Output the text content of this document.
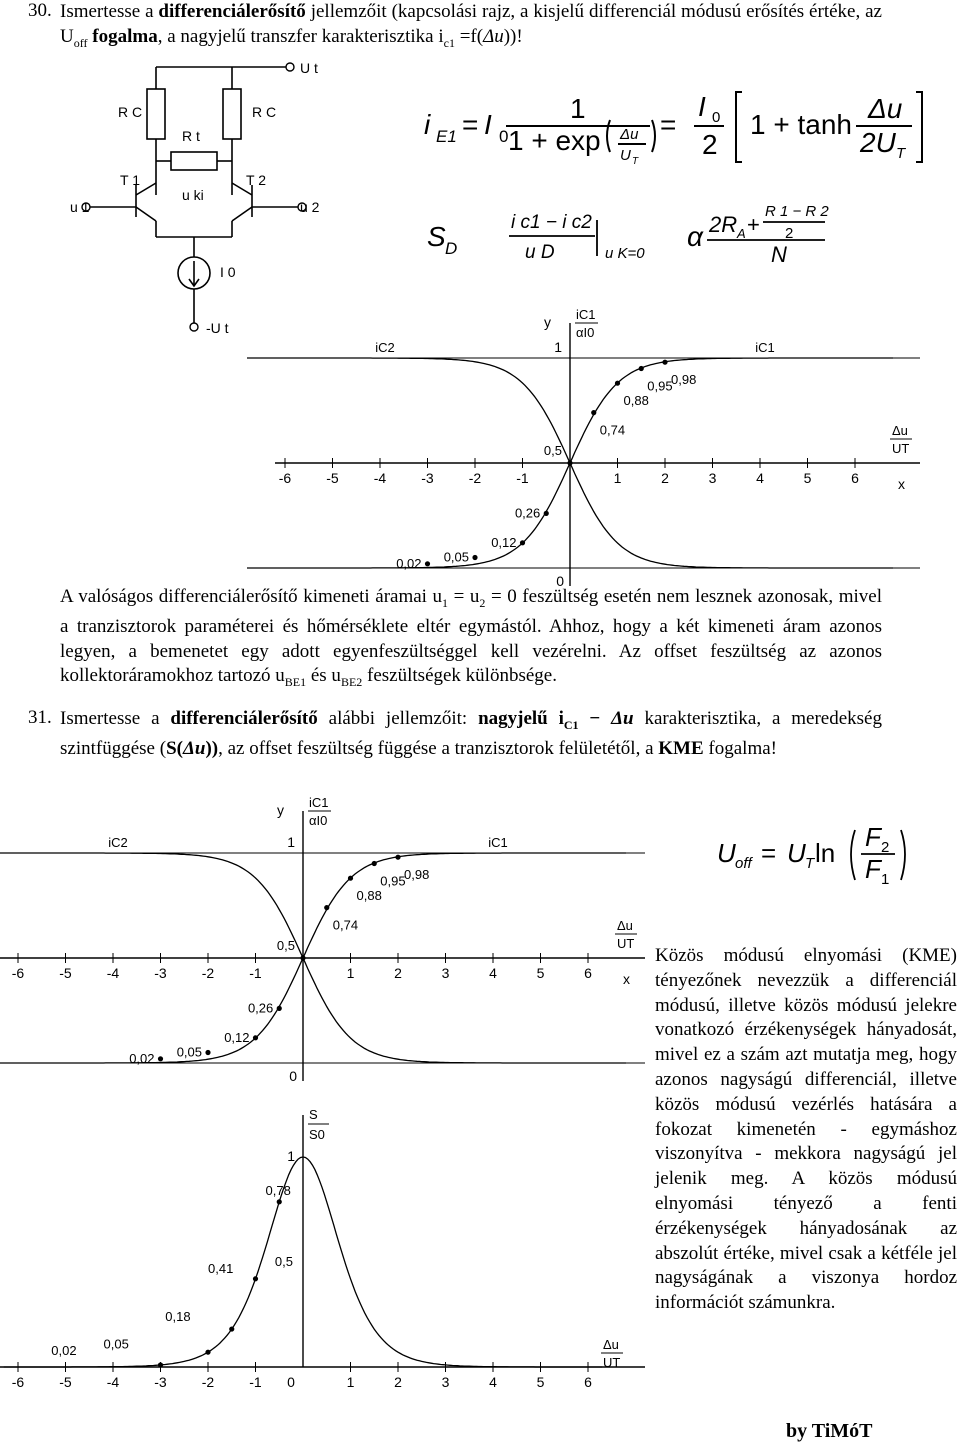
30. Ismertesse a differenciálerősítő jellemzőit (kapcsolási rajz, a kisjelű differenciál módusú erősítés értéke, az $U_{off}$ fogalma, a nagyjelű transzfer karakterisztika $i_{c1} =f(\Delta u)$)!
U t
R C	R C
R t
T 1	T 2
u 1	u 2
u ki
I 0
-U t
i E1 = I 0
1
1 + exp Δu
U T
=
I 0
2
1 + tanh
Δu
2U T
S D
i c1 − i c2
u D	u K=0
α 2R A +
R 1 − R 2
2
N
-6	-5	-4	-3	-2	-1	1	2	3	4	5	6
0
1
y iC1
αI0
x
Δu
UT
iC2	iC1
0,02 0,05
0,12
0,26
0,5
0,74
0,88
0,95
0,98
A valóságos differenciálerősítő kimeneti áramai $u_1 = u_2 = 0$ feszültség esetén nem lesznek azonosak, mivel a tranzisztorok paraméterei és hőmérséklete eltér egymástól. Ahhoz, hogy a két kimeneti áram azonos legyen, a bemenetet egy adott egyenfeszültséggel kell vezérelni. Az offset feszültség az azonos kollektoráramokhoz tartozó $u_{BE1}$ és $u_{BE2}$ feszültségek különbsége.
31. Ismertesse a differenciálerősítő alábbi jellemzőit: nagyjelű $i_{C1} - \Delta u$ karakterisztika, a meredekség szintfüggése (S(Δu)), az offset feszültség függése a tranzisztorok felületétől, a KME fogalma!
-6	-5	-4	-3	-2	-1	1	2	3	4	5	6
0
1
y iC1
αI0
x
Δu
UT
iC2	iC1
0,02 0,05
0,12
0,26
0,5
0,74
0,88
0,95
0,98
U off = U T ln
F 2
F 1
-6	-5	-4	-3	-2	-1	1	2	3	4	5	6
0
1
S
S0
Δu
UT
0,02 0,05
0,18
0,41
0,78
0,5
Közös módusú elnyomási (KME) tényezőnek nevezzük a differenciál módusú, illetve közös módusú jelekre vonatkozó érzékenységek hányadosát, mivel ez a szám azt mutatja meg, hogy azonos nagyságú differenciál, illetve közös módusú vezérlés hatására a fokozat kimenetén - egymáshoz viszonyítva - mekkora nagyságú jel jelenik meg. A közös módusú elnyomási tényező a fenti érzékenységek hányadosának az abszolút értéke, mivel csak a kétféle jel nagyságának a viszonya hordoz információt számunkra.
by TiMóT
